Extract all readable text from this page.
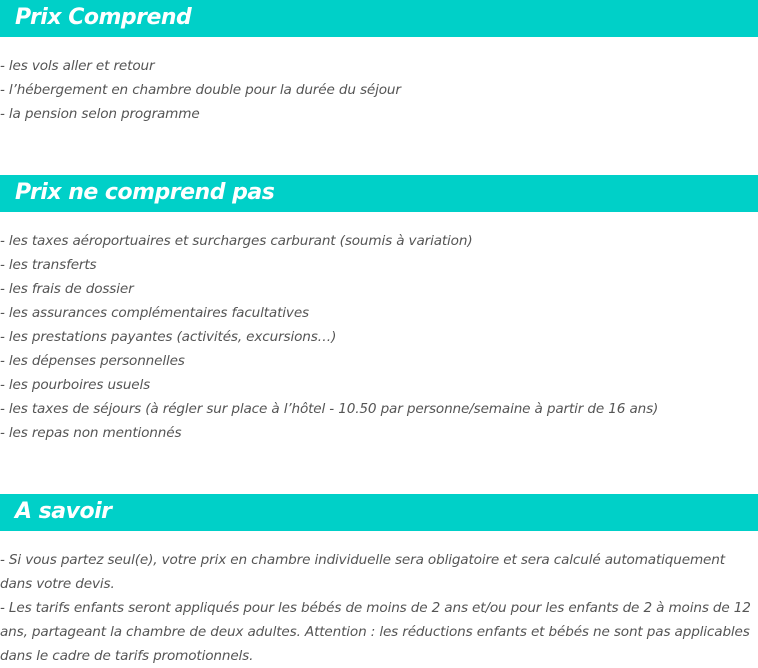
Prix Comprend
- les vols aller et retour
- l’hébergement en chambre double pour la durée du séjour
- la pension selon programme
Prix ne comprend pas
- les taxes aéroportuaires et surcharges carburant (soumis à variation)
- les transferts
- les frais de dossier
- les assurances complémentaires facultatives
- les prestations payantes (activités, excursions…)
- les dépenses personnelles
- les pourboires usuels
- les taxes de séjours (à régler sur place à l’hôtel - 10.50 par personne/semaine à partir de 16 ans)
- les repas non mentionnés
A savoir

- Si vous partez seul(e), votre prix en chambre individuelle sera obligatoire et sera calculé automatiquement dans votre devis.

- Les tarifs enfants seront appliqués pour les bébés de moins de 2 ans et/ou pour les enfants de 2 à moins de 12 ans, partageant la chambre de deux adultes. Attention : les réductions enfants et bébés ne sont pas applicables dans le cadre de tarifs promotionnels.
